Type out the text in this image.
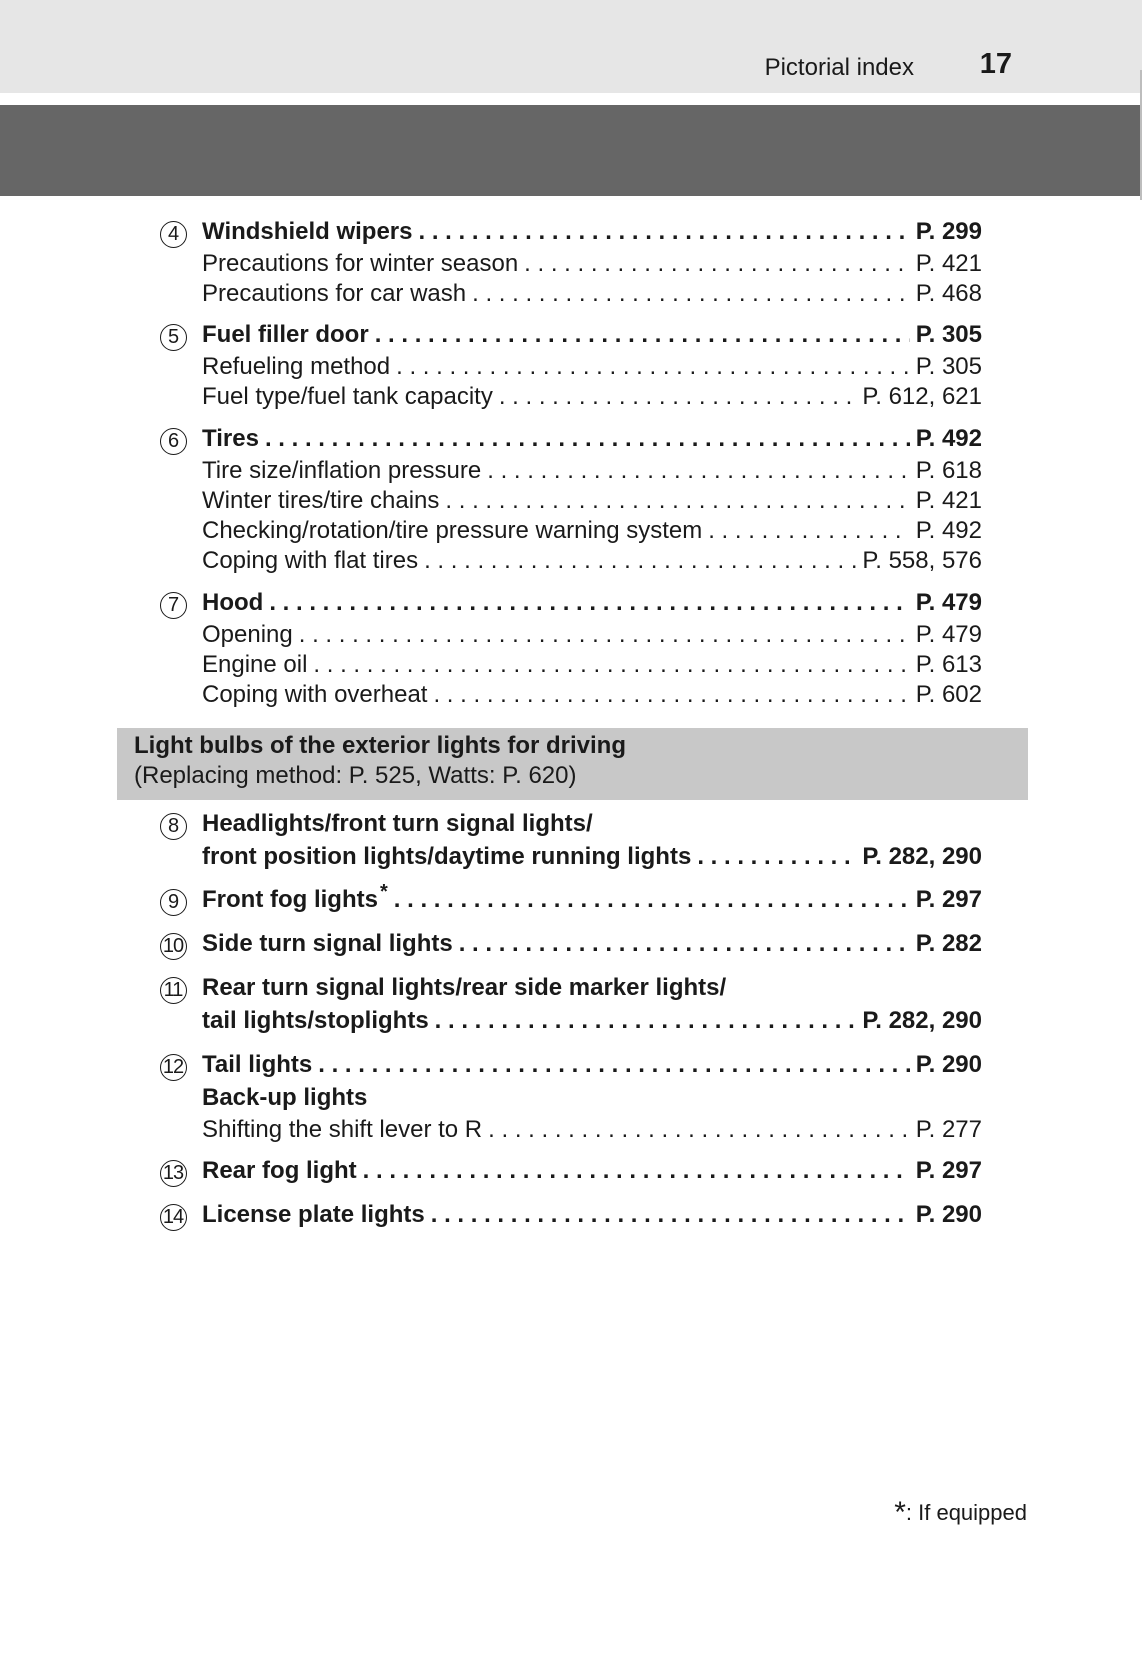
Pictorial index 17
4 Windshield wipers . . .	P. 299
Precautions for winter season . . .	P. 421
Precautions for car wash . . .	P. 468
5 Fuel filler door . . .	P. 305
Refueling method . . .	P. 305
Fuel type/fuel tank capacity . . .	P. 612, 621
6 Tires . . .	P. 492
Tire size/inflation pressure . . .	P. 618
Winter tires/tire chains . . .	P. 421
Checking/rotation/tire pressure warning system . . .	P. 492
Coping with flat tires . . .	P. 558, 576
7 Hood . . .	P. 479
Opening . . .	P. 479
Engine oil . . .	P. 613
Coping with overheat . . .	P. 602
Light bulbs of the exterior lights for driving
(Replacing method: P. 525, Watts: P. 620)
8 Headlights/front turn signal lights/
front position lights/daytime running lights . . .	P. 282, 290
9 Front fog lights * . . .	P. 297
10 Side turn signal lights . . .	P. 282
11 Rear turn signal lights/rear side marker lights/
tail lights/stoplights . . .	P. 282, 290
12 Tail lights . . .	P. 290
Back-up lights
Shifting the shift lever to R . . .	P. 277
13 Rear fog light . . .	P. 297
14 License plate lights . . .	P. 290
*: If equipped
